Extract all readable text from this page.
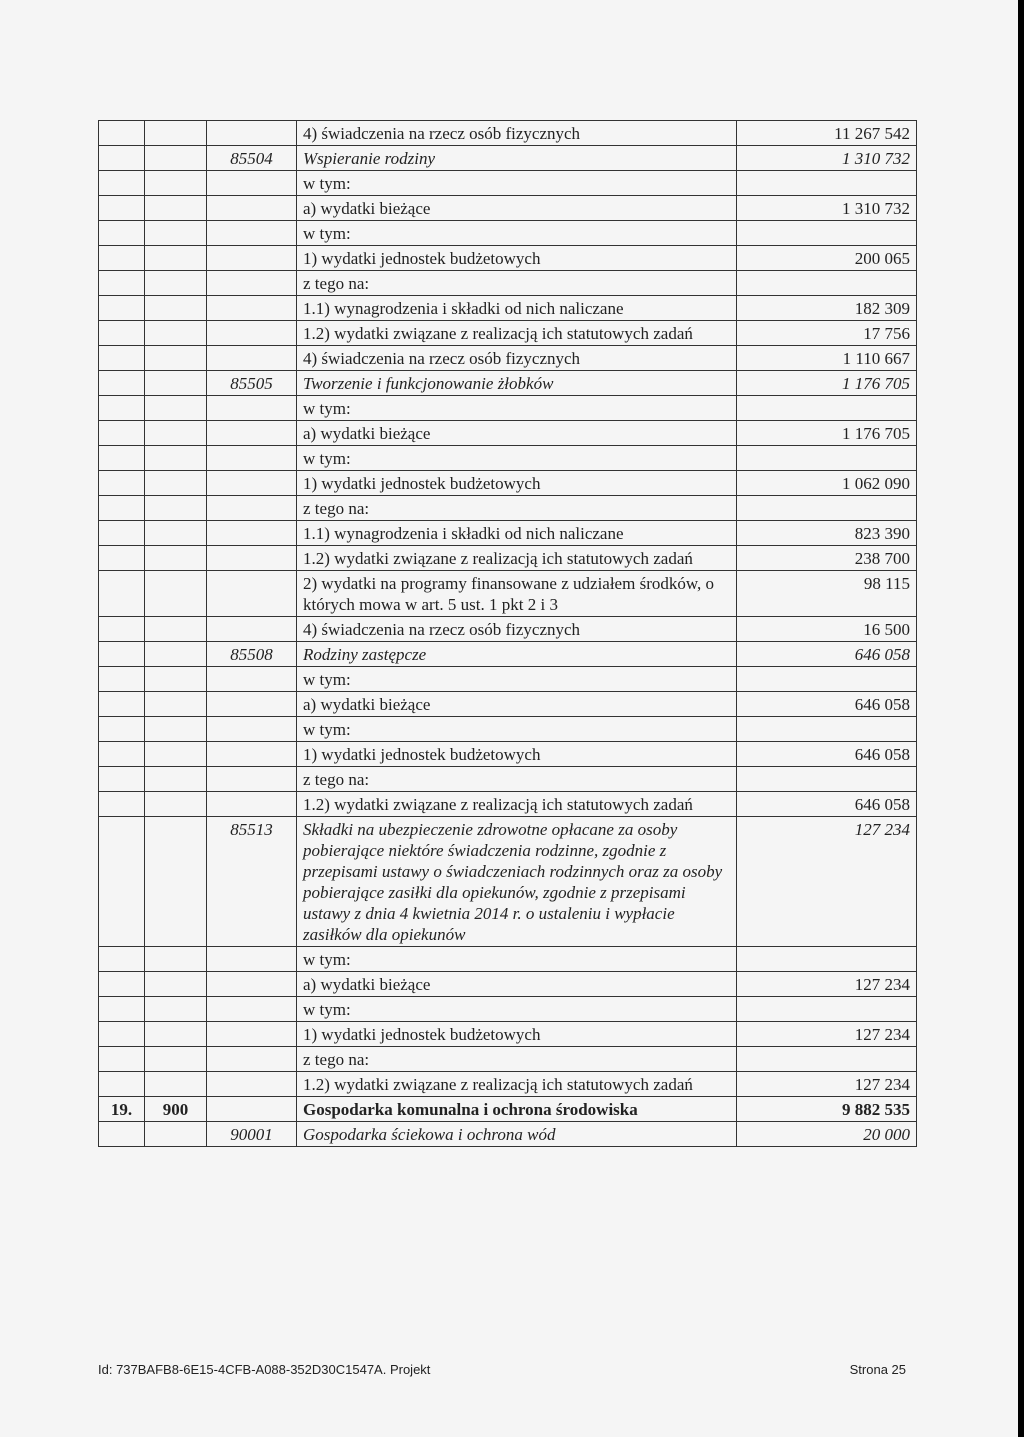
			4) świadczenia na rzecz osób fizycznych	11 267 542
		85504	Wspieranie rodziny	1 310 732
			w tym:	
			a) wydatki bieżące	1 310 732
			w tym:	
			1) wydatki jednostek budżetowych	200 065
			z tego na:	
			1.1) wynagrodzenia i składki od nich naliczane	182 309
			1.2) wydatki związane z realizacją ich statutowych zadań	17 756
			4) świadczenia na rzecz osób fizycznych	1 110 667
		85505	Tworzenie i funkcjonowanie żłobków	1 176 705
			w tym:	
			a) wydatki bieżące	1 176 705
			w tym:	
			1) wydatki jednostek budżetowych	1 062 090
			z tego na:	
			1.1) wynagrodzenia i składki od nich naliczane	823 390
			1.2) wydatki związane z realizacją ich statutowych zadań	238 700
			2) wydatki na programy finansowane z udziałem środków, o których mowa w art. 5 ust. 1 pkt 2 i 3	98 115
			4) świadczenia na rzecz osób fizycznych	16 500
		85508	Rodziny zastępcze	646 058
			w tym:	
			a) wydatki bieżące	646 058
			w tym:	
			1) wydatki jednostek budżetowych	646 058
			z tego na:	
			1.2) wydatki związane z realizacją ich statutowych zadań	646 058
		85513	Składki na ubezpieczenie zdrowotne opłacane za osoby pobierające niektóre świadczenia rodzinne, zgodnie z przepisami ustawy o świadczeniach rodzinnych oraz za osoby pobierające zasiłki dla opiekunów, zgodnie z przepisami ustawy z dnia 4 kwietnia 2014 r. o ustaleniu i wypłacie zasiłków dla opiekunów	127 234
			w tym:	
			a) wydatki bieżące	127 234
			w tym:	
			1) wydatki jednostek budżetowych	127 234
			z tego na:	
			1.2) wydatki związane z realizacją ich statutowych zadań	127 234
19.	900		Gospodarka komunalna i ochrona środowiska	9 882 535
		90001	Gospodarka ściekowa i ochrona wód	20 000
Id: 737BAFB8-6E15-4CFB-A088-352D30C1547A. Projekt	Strona 25
